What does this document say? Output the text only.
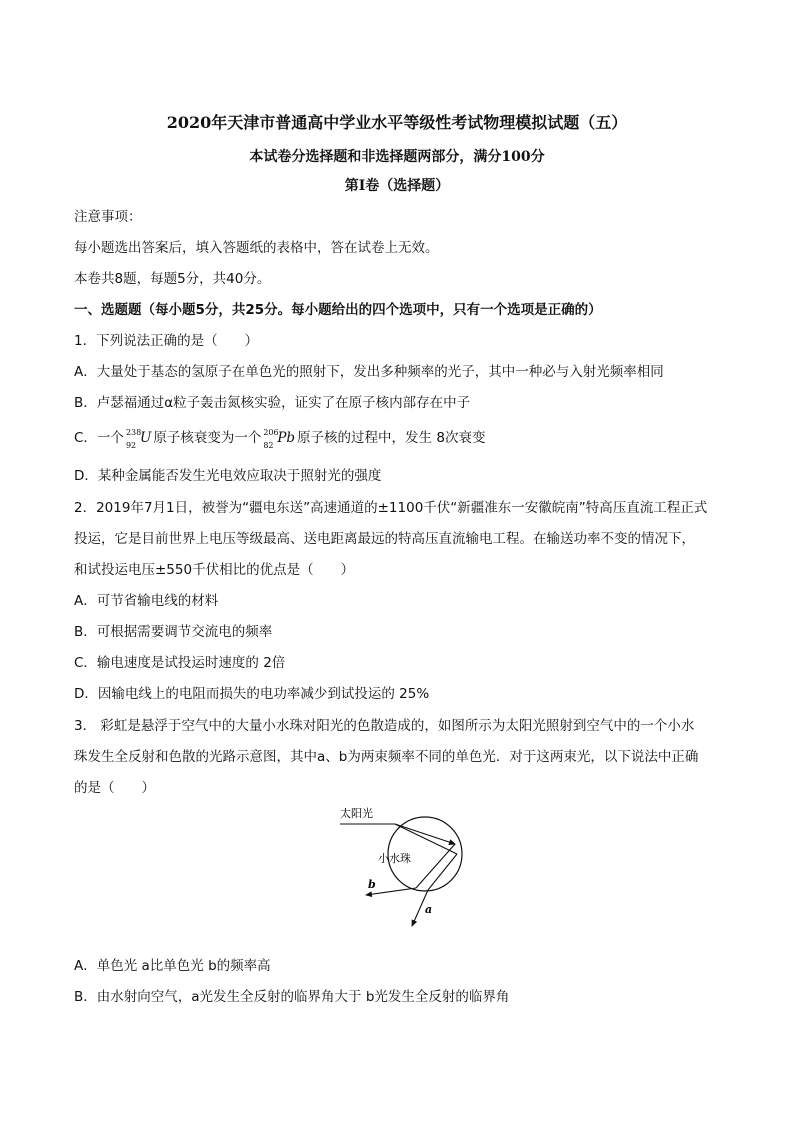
2020年天津市普通高中学业水平等级性考试物理模拟试题（五）
本试卷分选择题和非选择题两部分，满分100分
第Ⅰ卷（选择题）
注意事项：
每小题选出答案后，填入答题纸的表格中，答在试卷上无效。
本卷共8题，每题5分，共40分。
一、选题题（每小题5分，共25分。每小题给出的四个选项中，只有一个选项是正确的）
1．下列说法正确的是（　　）
A．大量处于基态的氢原子在单色光的照射下，发出多种频率的光子，其中一种必与入射光频率相同
B．卢瑟福通过α粒子轰击氮核实验，证实了在原子核内部存在中子
C．一个 238
92 U 原子核衰变为一个 206
82 Pb 原子核的过程中，发生 8次衰变
D．某种金属能否发生光电效应取决于照射光的强度
2．2019年7月1日，被誉为“疆电东送”高速通道的±1100千伏“新疆准东一安徽皖南”特高压直流工程正式
投运，它是目前世界上电压等级最高、送电距离最远的特高压直流输电工程。在输送功率不变的情况下，
和试投运电压±550千伏相比的优点是（　　）
A．可节省输电线的材料
B．可根据需要调节交流电的频率
C．输电速度是试投运时速度的 2倍
D．因输电线上的电阻而损失的电功率减少到试投运的 25%
3． 彩虹是悬浮于空气中的大量小水珠对阳光的色散造成的，如图所示为太阳光照射到空气中的一个小水
珠发生全反射和色散的光路示意图，其中a、b为两束频率不同的单色光．对于这两束光，以下说法中正确
的是（　　）
太阳光
小水珠
b
a
A．单色光 a比单色光 b的频率高
B．由水射向空气，a光发生全反射的临界角大于 b光发生全反射的临界角
